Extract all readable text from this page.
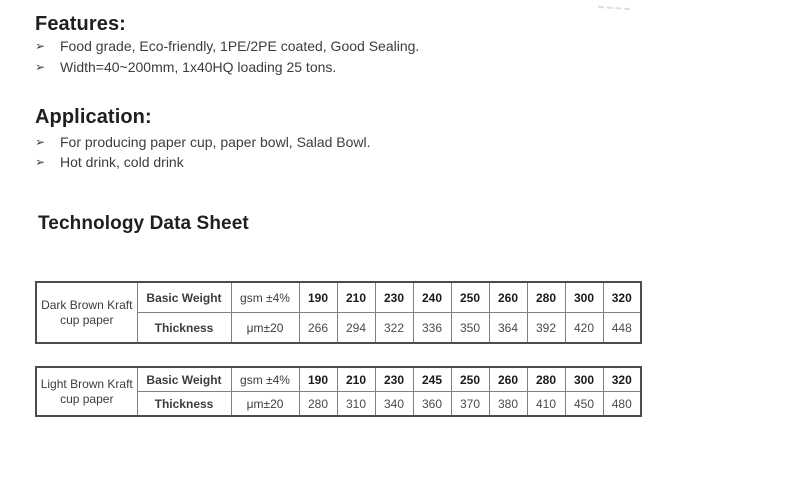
Features:
➢ Food grade, Eco-friendly, 1PE/2PE coated, Good Sealing.
➢ Width=40~200mm, 1x40HQ loading 25 tons.
Application:
➢ For producing paper cup, paper bowl, Salad Bowl.
➢ Hot drink, cold drink
Technology Data Sheet
Dark Brown Kraft cup paper	Basic Weight	gsm ±4%	190	210	230	240	250	260	280	300	320
	Thickness	μm±20	266	294	322	336	350	364	392	420	448
Light Brown Kraft cup paper	Basic Weight	gsm ±4%	190	210	230	245	250	260	280	300	320
	Thickness	μm±20	280	310	340	360	370	380	410	450	480
